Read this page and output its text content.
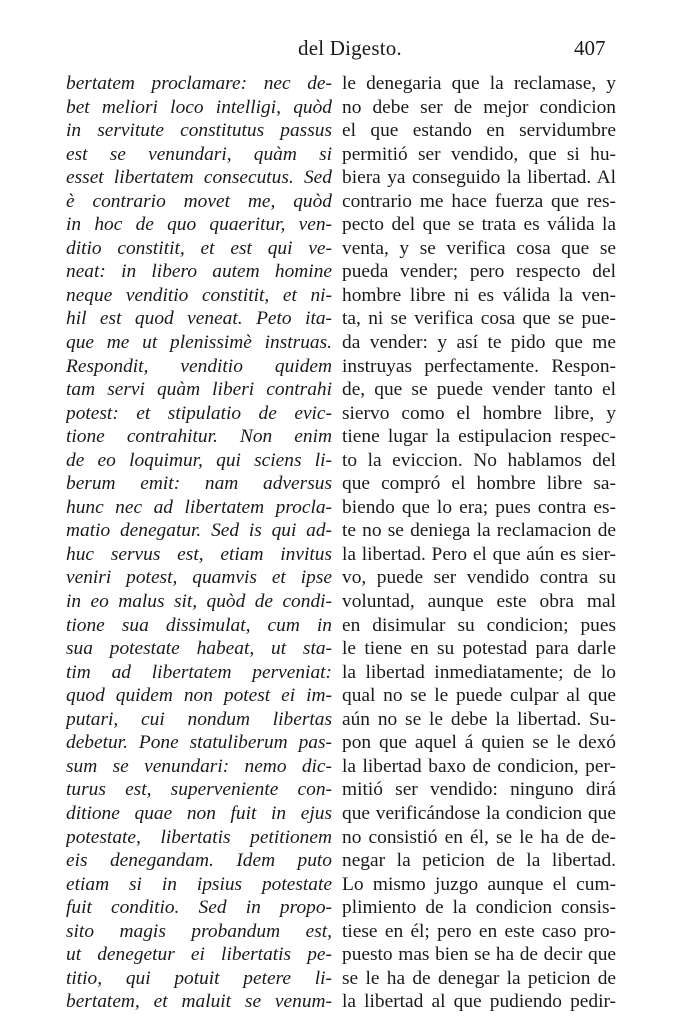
del Digesto.	407
bertatem proclamare: nec de-
bet meliori loco intelligi, quòd
in servitute constitutus passus
est se venundari, quàm si
esset libertatem consecutus. Sed
è contrario movet me, quòd
in hoc de quo quaeritur, ven-
ditio constitit, et est qui ve-
neat: in libero autem homine
neque venditio constitit, et ni-
hil est quod veneat. Peto ita-
que me ut plenissimè instruas.
Respondit, venditio quidem
tam servi quàm liberi contrahi
potest: et stipulatio de evic-
tione contrahitur. Non enim
de eo loquimur, qui sciens li-
berum emit: nam adversus
hunc nec ad libertatem procla-
matio denegatur. Sed is qui ad-
huc servus est, etiam invitus
veniri potest, quamvis et ipse
in eo malus sit, quòd de condi-
tione sua dissimulat, cum in
sua potestate habeat, ut sta-
tim ad libertatem perveniat:
quod quidem non potest ei im-
putari, cui nondum libertas
debetur. Pone statuliberum pas-
sum se venundari: nemo dic-
turus est, superveniente con-
ditione quae non fuit in ejus
potestate, libertatis petitionem
eis denegandam. Idem puto
etiam si in ipsius potestate
fuit conditio. Sed in propo-
sito magis probandum est,
ut denegetur ei libertatis pe-
titio, qui potuit petere li-
bertatem, et maluit se venum-
le denegaria que la reclamase, y
no debe ser de mejor condicion
el que estando en servidumbre
permitió ser vendido, que si hu-
biera ya conseguido la libertad. Al
contrario me hace fuerza que res-
pecto del que se trata es válida la
venta, y se verifica cosa que se
pueda vender; pero respecto del
hombre libre ni es válida la ven-
ta, ni se verifica cosa que se pue-
da vender: y así te pido que me
instruyas perfectamente. Respon-
de, que se puede vender tanto el
siervo como el hombre libre, y
tiene lugar la estipulacion respec-
to la eviccion. No hablamos del
que compró el hombre libre sa-
biendo que lo era; pues contra es-
te no se deniega la reclamacion de
la libertad. Pero el que aún es sier-
vo, puede ser vendido contra su
voluntad, aunque este obra mal
en disimular su condicion; pues
le tiene en su potestad para darle
la libertad inmediatamente; de lo
qual no se le puede culpar al que
aún no se le debe la libertad. Su-
pon que aquel á quien se le dexó
la libertad baxo de condicion, per-
mitió ser vendido: ninguno dirá
que verificándose la condicion que
no consistió en él, se le ha de de-
negar la peticion de la libertad.
Lo mismo juzgo aunque el cum-
plimiento de la condicion consis-
tiese en él; pero en este caso pro-
puesto mas bien se ha de decir que
se le ha de denegar la peticion de
la libertad al que pudiendo pedir-
